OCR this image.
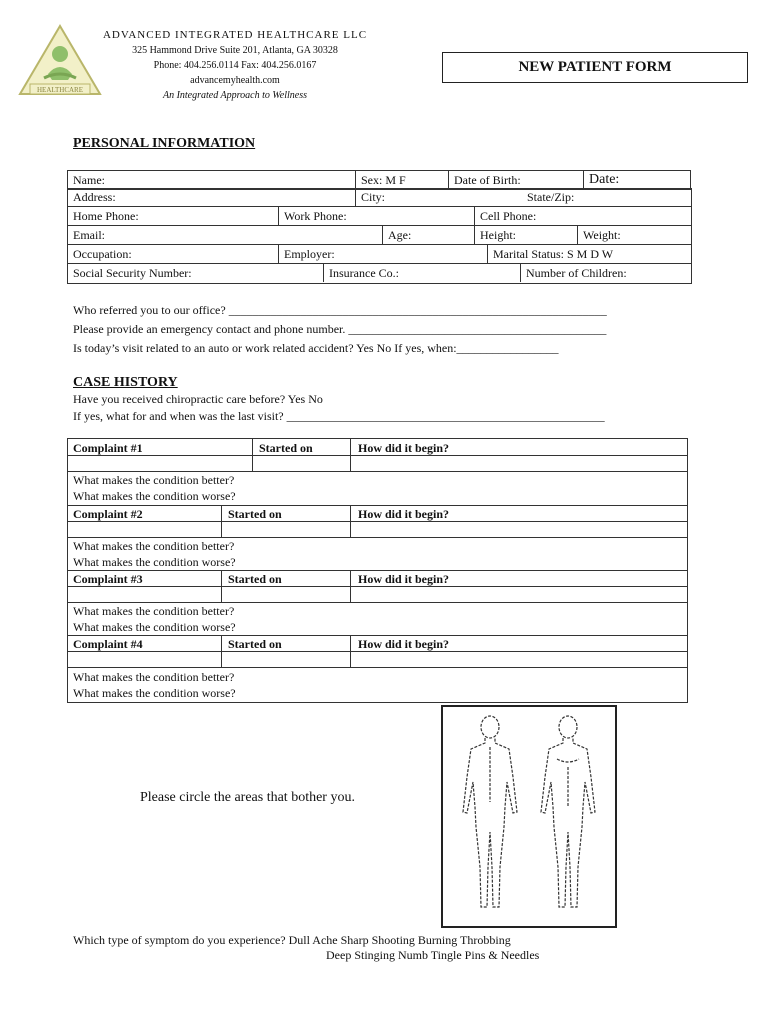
HEALTHCARE
ADVANCED INTEGRATED HEALTHCARE LLC
325 Hammond Drive Suite 201, Atlanta, GA 30328
Phone: 404.256.0114 Fax: 404.256.0167
advancemyhealth.com
An Integrated Approach to Wellness
NEW PATIENT FORM
PERSONAL INFORMATION
Name:	Sex: M F	Date of Birth:	Date:
Address:	City:	State/Zip:
Home Phone:	Work Phone:	Cell Phone:
Email:	Age:	Height:	Weight:
Occupation:	Employer:	Marital Status: S M D W
Social Security Number:	Insurance Co.:	Number of Children:
Who referred you to our office? _______________________________________________________________
Please provide an emergency contact and phone number. ___________________________________________
Is today’s visit related to an auto or work related accident? Yes No If yes, when:_________________
CASE HISTORY
Have you received chiropractic care before? Yes No
If yes, what for and when was the last visit? _____________________________________________________
Complaint #1	Started on	How did it begin?
What makes the condition better?
What makes the condition worse?
Complaint #2	Started on	How did it begin?
What makes the condition better?
What makes the condition worse?
Complaint #3	Started on	How did it begin?
What makes the condition better?
What makes the condition worse?
Complaint #4	Started on	How did it begin?
What makes the condition better?
What makes the condition worse?
Please circle the areas that bother you.
Which type of symptom do you experience? Dull Ache Sharp Shooting Burning Throbbing
Deep Stinging Numb Tingle Pins & Needles
